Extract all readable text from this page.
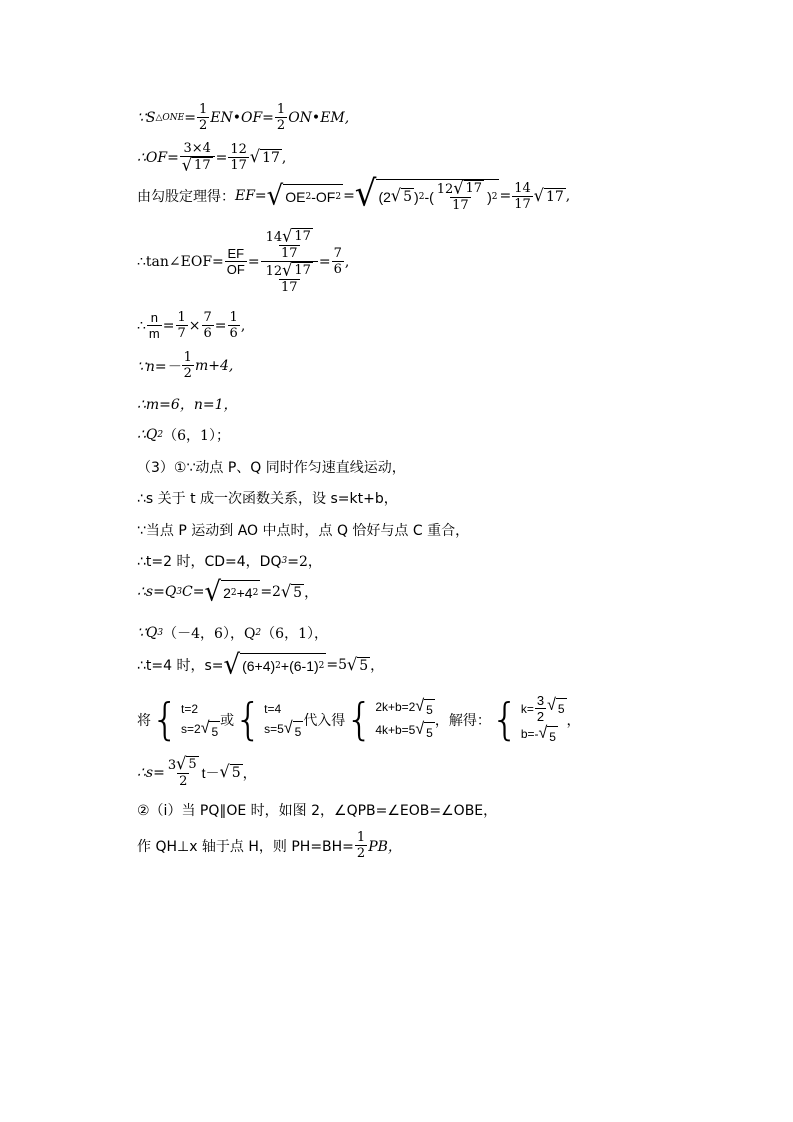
∵S △ONE = $\frac{1}{2}$ EN•OF= $\frac{1}{2}$ ON•EM,
∴OF= $\frac{3\times 4}{√ 17} = \frac{12}{17}$ √ 17 ,
由勾股定理得： EF= √ OE 2 -OF 2 = √ (2 √ 5 ) 2 -( $\frac{12 √ 17}{17}$ ) $2 = \frac{14}{17}$ √ 17 ,
∴tan∠EOF= $\frac{EF}{OF} = \frac{\frac{14 √ 17}{17}}{\frac{12 √ 17}{17}} = \frac{7}{6}$ ,
∴ $\frac{n}{m} = \frac{1}{7} \times \frac{7}{6} = \frac{1}{6}$ ,
∵n=－ $\frac{1}{2} m+4$,
∴m=6，n=1，
∴Q 2 （6，1）；
（3）①∵动点 P、Q 同时作匀速直线运动，
∴s 关于 t 成一次函数关系，设 s=kt+b，
∵当点 P 运动到 AO 中点时，点 Q 恰好与点 C 重合，
∴t=2 时，CD=4，DQ 3 =2，
∴s=Q 3 C= √ 2 2 +4 2 =2 √ 5 ，
∵Q 3 （－4，6），Q 2 （6，1），
∴t=4 时，s= √ (6+4) 2 +(6-1) 2 =5 √ 5 ，
将 { t=2
s=2 √ 5
或 { t=4
s=5 √ 5
代入得 { 2k+b=2 √ 5
4k+b=5 √ 5
，解得： { $k= \frac{3}{2}$ √ 5
b=- √ 5
，
∴s= $\frac{3 √ 5}{2} t-$ √ 5 ，
②（i）当 PQ∥OE 时，如图 2，∠QPB=∠EOB=∠OBE，
作 QH⊥x 轴于点 H，则 $PH=BH= \frac{1}{2}$ PB，
